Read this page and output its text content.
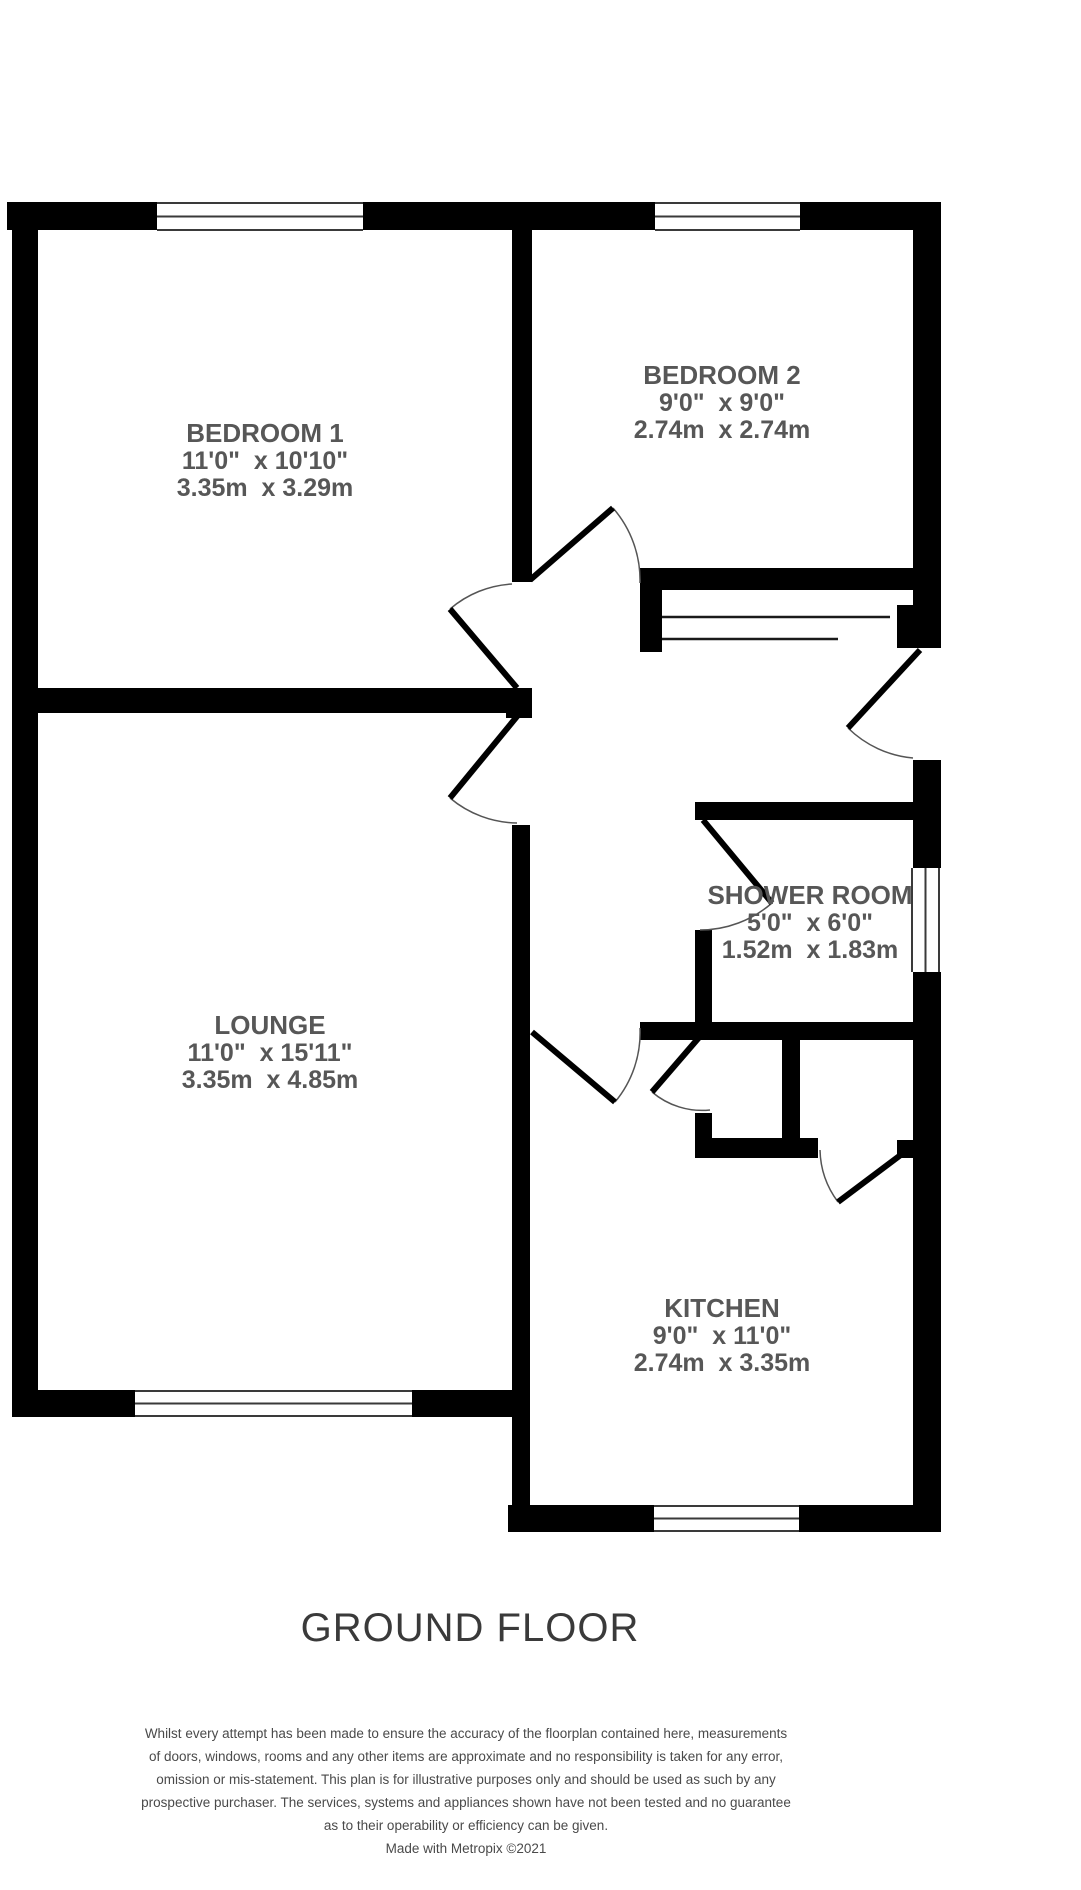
BEDROOM 1
11'0"  x 10'10"
3.35m  x 3.29m
BEDROOM 2
9'0"  x 9'0"
2.74m  x 2.74m
SHOWER ROOM
5'0"  x 6'0"
1.52m  x 1.83m
LOUNGE
11'0"  x 15'11"
3.35m  x 4.85m
KITCHEN
9'0"  x 11'0"
2.74m  x 3.35m
GROUND FLOOR
Whilst every attempt has been made to ensure the accuracy of the floorplan contained here, measurements
of doors, windows, rooms and any other items are approximate and no responsibility is taken for any error,
omission or mis-statement. This plan is for illustrative purposes only and should be used as such by any
prospective purchaser. The services, systems and appliances shown have not been tested and no guarantee
as to their operability or efficiency can be given.
Made with Metropix ©2021
